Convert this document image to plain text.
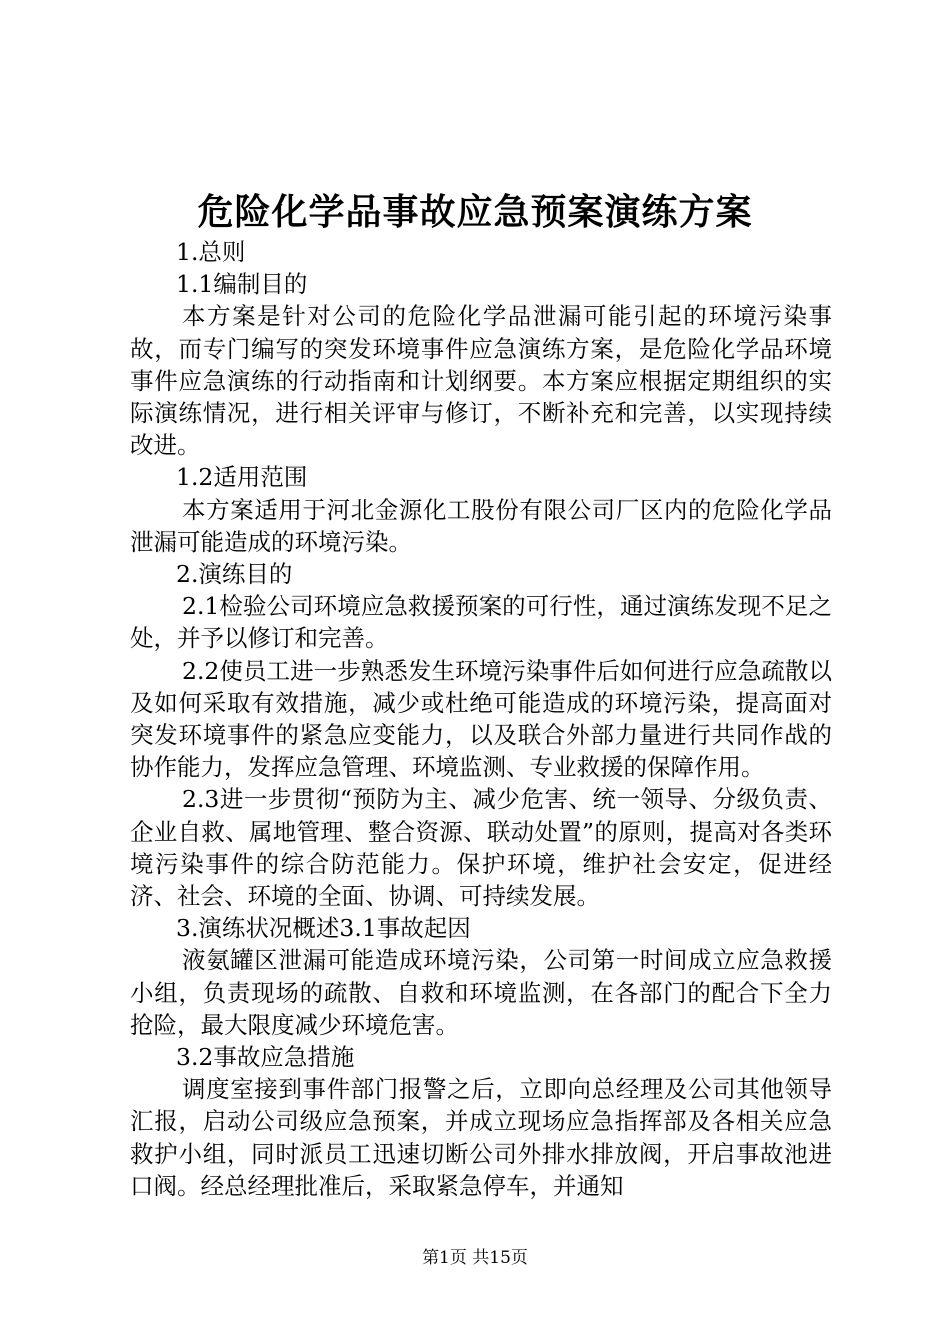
危险化学品事故应急预案演练方案

1.总则

1.1编制目的

本方案是针对公司的危险化学品泄漏可能引起的环境污染事故，而专门编写的突发环境事件应急演练方案，是危险化学品环境事件应急演练的行动指南和计划纲要。本方案应根据定期组织的实际演练情况，进行相关评审与修订，不断补充和完善，以实现持续改进。

1.2适用范围

本方案适用于河北金源化工股份有限公司厂区内的危险化学品泄漏可能造成的环境污染。

2.演练目的

2.1检验公司环境应急救援预案的可行性，通过演练发现不足之处，并予以修订和完善。

2.2使员工进一步熟悉发生环境污染事件后如何进行应急疏散以及如何采取有效措施，减少或杜绝可能造成的环境污染，提高面对突发环境事件的紧急应变能力，以及联合外部力量进行共同作战的协作能力，发挥应急管理、环境监测、专业救援的保障作用。

2.3进一步贯彻“预防为主、减少危害、统一领导、分级负责、企业自救、属地管理、整合资源、联动处置”的原则，提高对各类环境污染事件的综合防范能力。保护环境，维护社会安定，促进经济、社会、环境的全面、协调、可持续发展。

3.演练状况概述3.1事故起因

液氨罐区泄漏可能造成环境污染，公司第一时间成立应急救援小组，负责现场的疏散、自救和环境监测，在各部门的配合下全力抢险，最大限度减少环境危害。

3.2事故应急措施

调度室接到事件部门报警之后，立即向总经理及公司其他领导汇报，启动公司级应急预案，并成立现场应急指挥部及各相关应急救护小组，同时派员工迅速切断公司外排水排放阀，开启事故池进口阀。经总经理批准后，采取紧急停车，并通知

第1页 共15页
